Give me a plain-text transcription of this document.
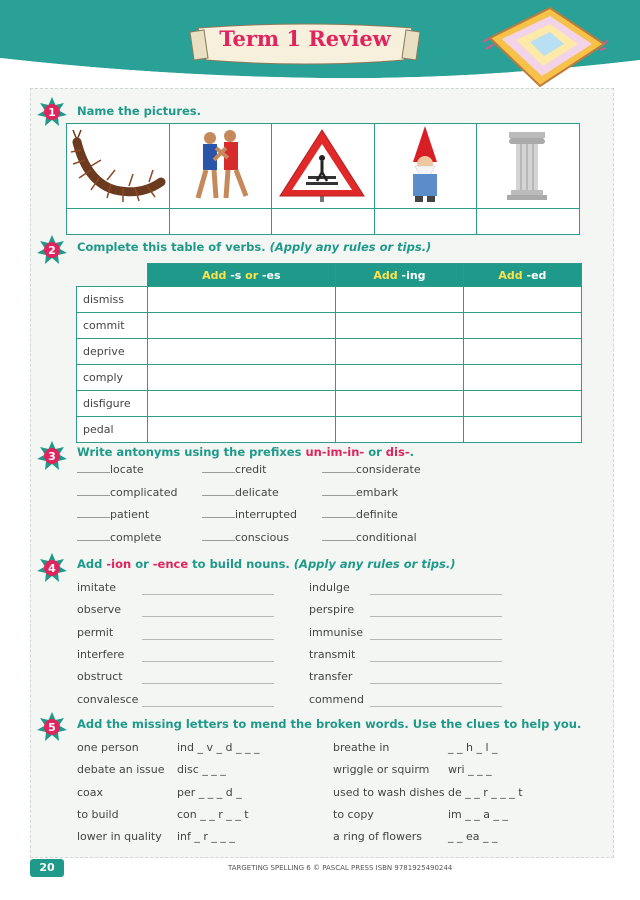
Term 1 Review
1 Name the pictures.

2 Complete this table of verbs. (Apply any rules or tips.)
	Add -s or -es	Add -ing	Add -ed
dismiss			
commit			
deprive			
comply			
disfigure			
pedal			
3 Write antonyms using the prefixes un-im-in- or dis-.
locate	credit	considerate
complicated	delicate	embark
patient	interrupted	definite
complete	conscious	conditional
4 Add -ion or -ence to build nouns. (Apply any rules or tips.)
imitate	indulge
observe	perspire
permit	immunise
interfere	transmit
obstruct	transfer
convalesce	commend
5 Add the missing letters to mend the broken words. Use the clues to help you.
one person	ind _ v _ d _ _ _	breathe in	_ _ h _ l _
debate an issue disc _ _ _	wriggle or squirm wri _ _ _
coax	per _ _ _ d _	used to wash dishes de _ _ r _ _ _ t
to build	con _ _ r _ _ t	to copy	im _ _ a _ _
lower in quality inf _ r _ _ _	a ring of flowers _ _ ea _ _
20	TARGETING SPELLING 6 © PASCAL PRESS ISBN 9781925490244
